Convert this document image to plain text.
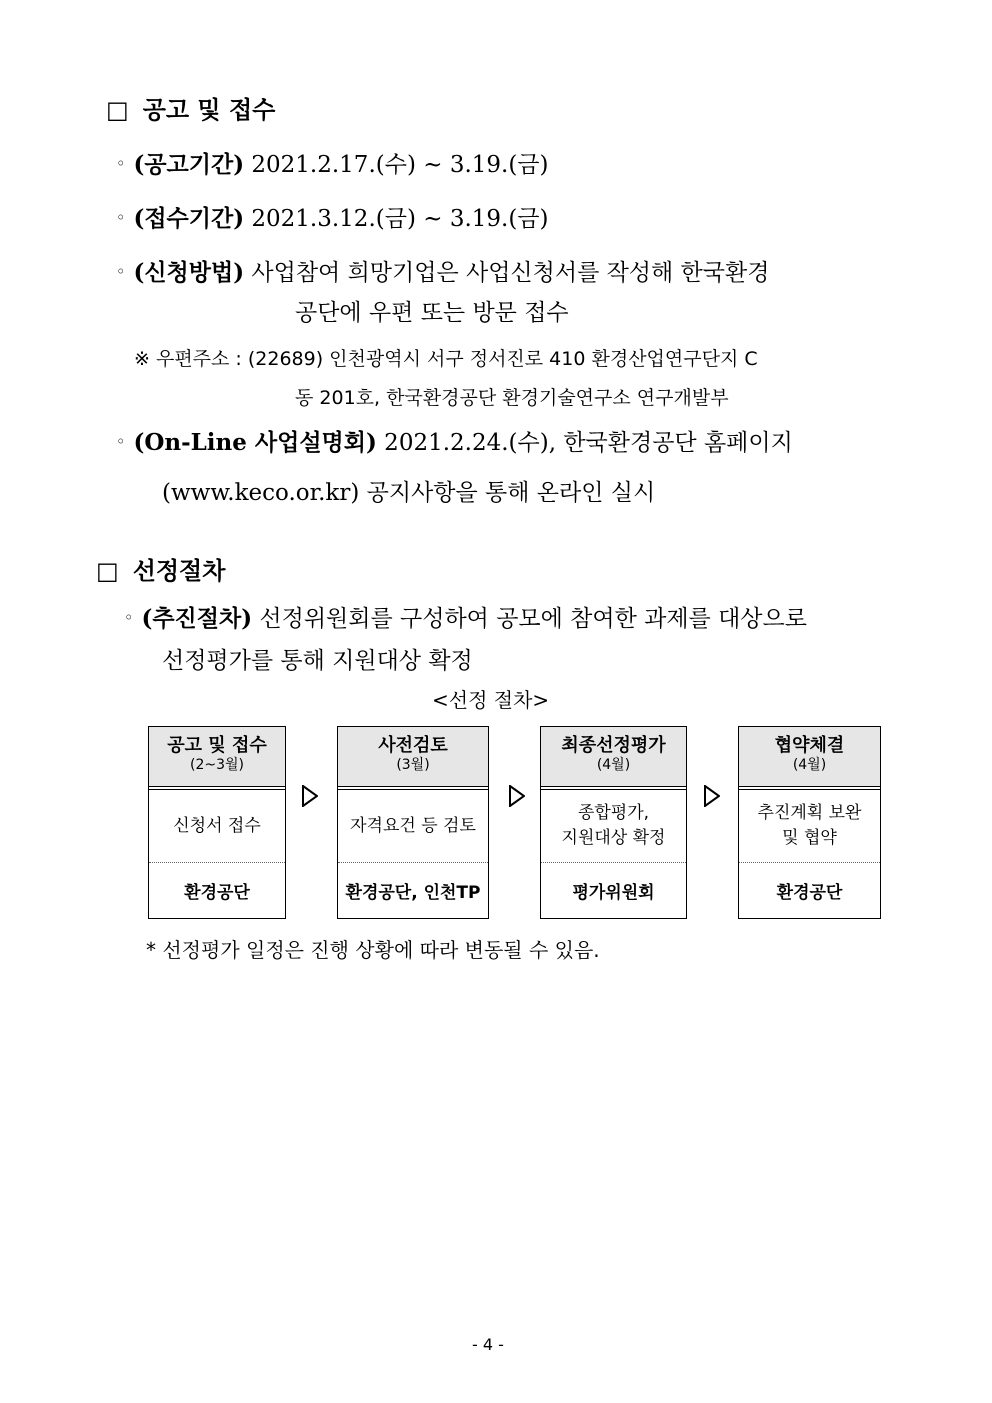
□ 공고 및 접수
◦ (공고기간) 2021.2.17.(수) ~ 3.19.(금)
◦ (접수기간) 2021.3.12.(금) ~ 3.19.(금)
◦ (신청방법) 사업참여 희망기업은 사업신청서를 작성해 한국환경
공단에 우편 또는 방문 접수
※ 우편주소 : (22689) 인천광역시 서구 정서진로 410 환경산업연구단지 C
동 201호, 한국환경공단 환경기술연구소 연구개발부
◦ (On-Line 사업설명회) 2021.2.24.(수), 한국환경공단 홈페이지
(www.keco.or.kr) 공지사항을 통해 온라인 실시
□ 선정절차
◦ (추진절차) 선정위원회를 구성하여 공모에 참여한 과제를 대상으로
선정평가를 통해 지원대상 확정
<선정 절차>
공고 및 접수
(2~3월)
신청서 접수
환경공단
사전검토
(3월)
자격요건 등 검토
환경공단, 인천TP
최종선정평가
(4월)
종합평가,
지원대상 확정
평가위원회
협약체결
(4월)
추진계획 보완
및 협약
환경공단
* 선정평가 일정은 진행 상황에 따라 변동될 수 있음.
- 4 -
